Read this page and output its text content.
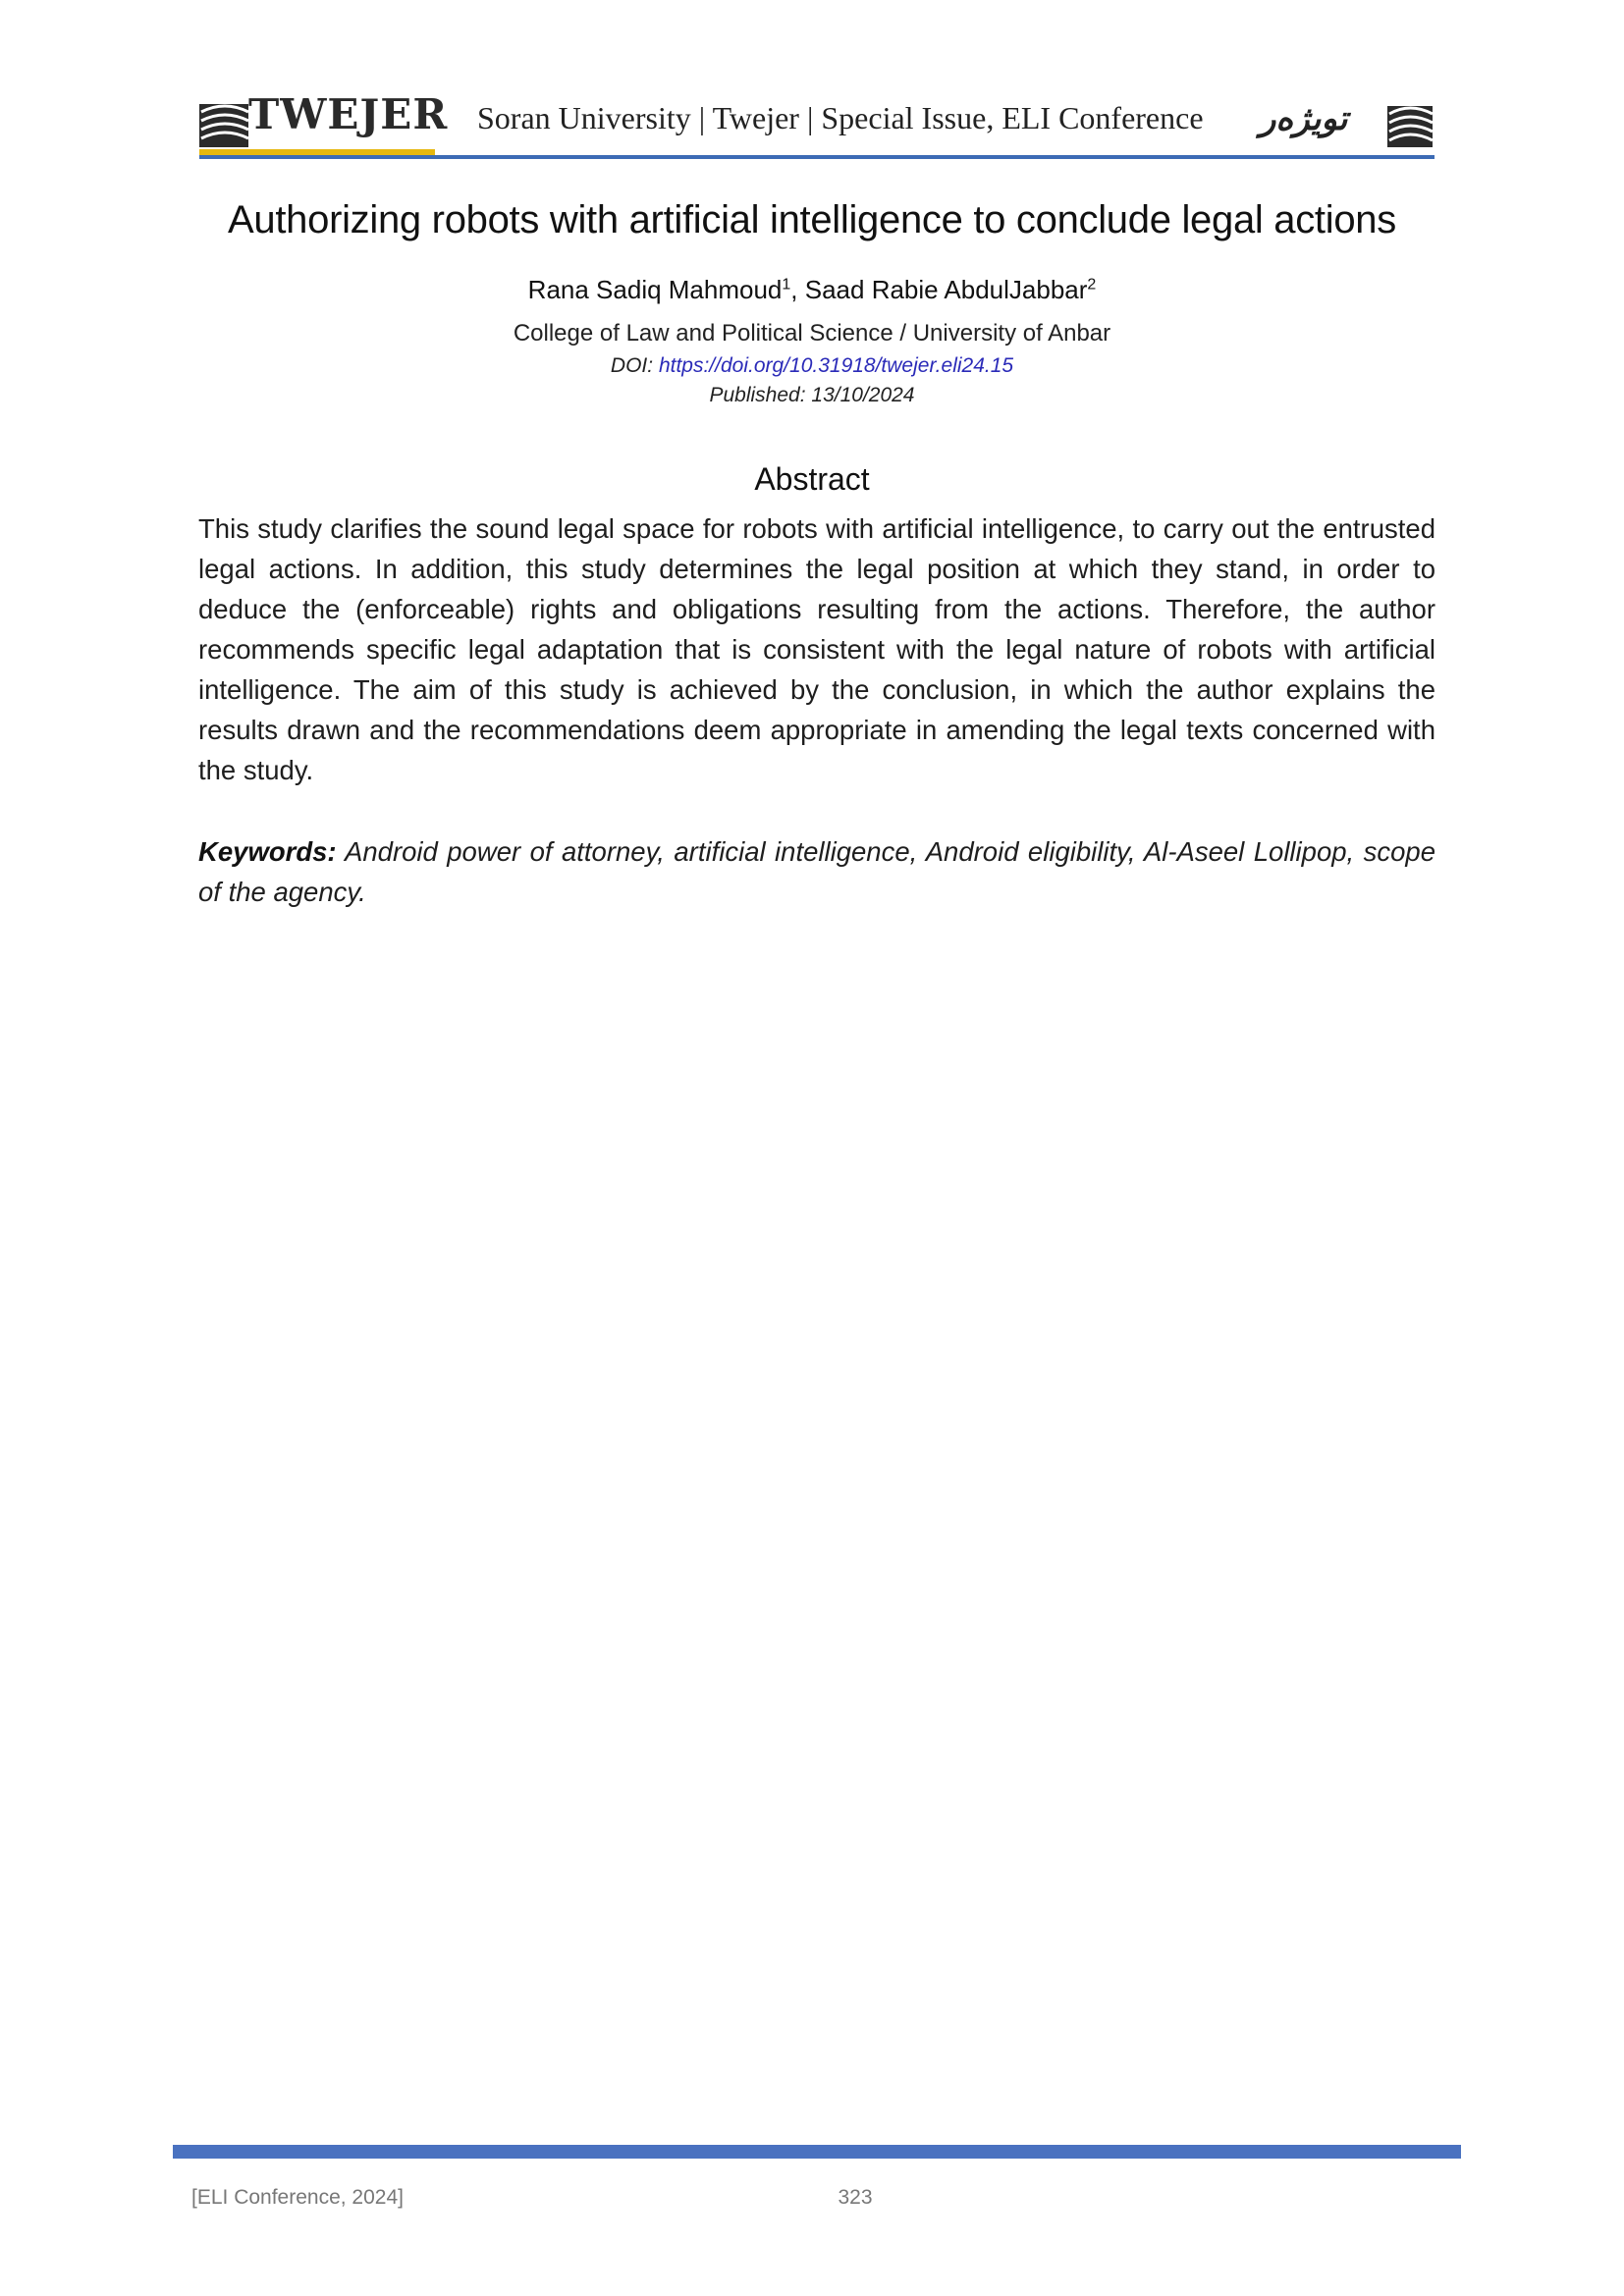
TWEJER Soran University | Twejer | Special Issue, ELI Conference تویژەر
Authorizing robots with artificial intelligence to conclude legal actions
Rana Sadiq Mahmoud$^1$, Saad Rabie AbdulJabbar$^2$
College of Law and Political Science / University of Anbar
DOI: https://doi.org/10.31918/twejer.eli24.15
Published: 13/10/2024
Abstract
This study clarifies the sound legal space for robots with artificial intelligence, to carry out the entrusted legal actions. In addition, this study determines the legal position at which they stand, in order to deduce the (enforceable) rights and obligations resulting from the actions. Therefore, the author recommends specific legal adaptation that is consistent with the legal nature of robots with artificial intelligence. The aim of this study is achieved by the conclusion, in which the author explains the results drawn and the recommendations deem appropriate in amending the legal texts concerned with the study.
Keywords: Android power of attorney, artificial intelligence, Android eligibility, Al-Aseel Lollipop, scope of the agency.
[ELI Conference, 2024]	323
